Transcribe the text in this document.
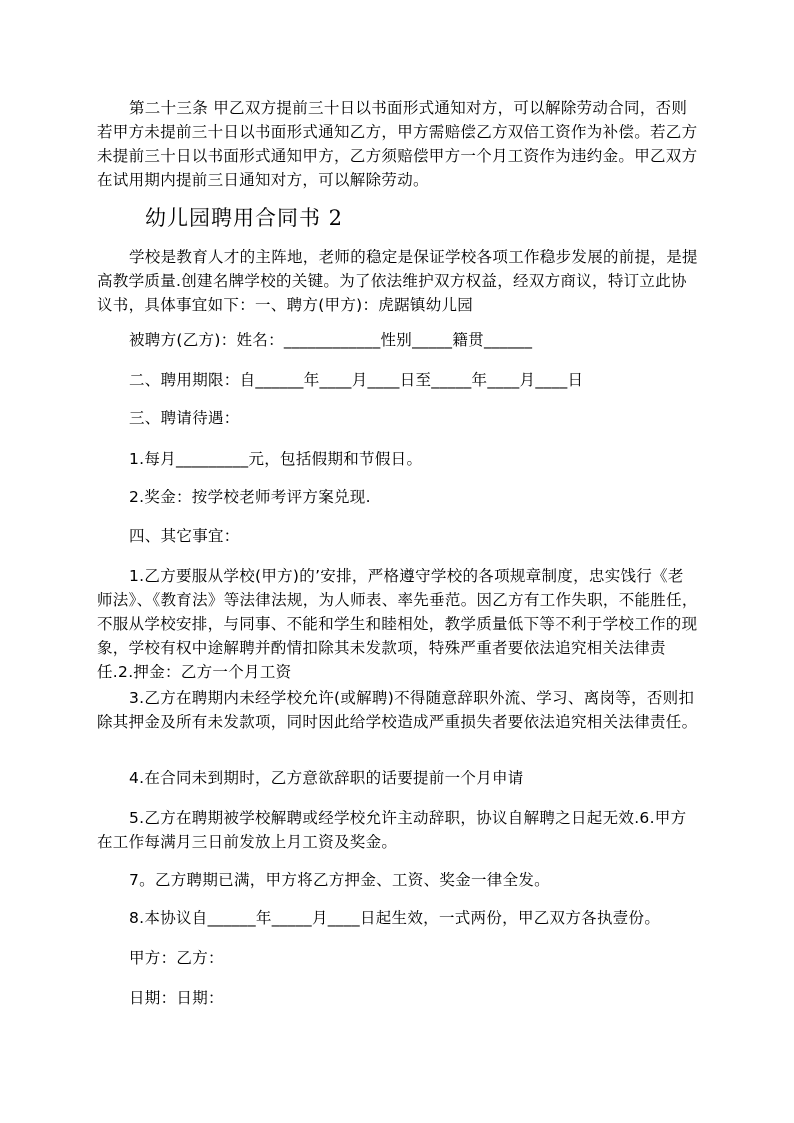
第二十三条 甲乙双方提前三十日以书面形式通知对方，可以解除劳动合同，否则若甲方未提前三十日以书面形式通知乙方，甲方需赔偿乙方双倍工资作为补偿。若乙方未提前三十日以书面形式通知甲方，乙方须赔偿甲方一个月工资作为违约金。甲乙双方在试用期内提前三日通知对方，可以解除劳动。

幼儿园聘用合同书 2

学校是教育人才的主阵地，老师的稳定是保证学校各项工作稳步发展的前提，是提高教学质量.创建名牌学校的关键。为了依法维护双方权益，经双方商议，特订立此协议书，具体事宜如下：一、聘方(甲方)：虎踞镇幼儿园

被聘方(乙方)：姓名：____________性别_____籍贯______

二、聘用期限：自______年____月____日至_____年____月____日

三、聘请待遇：

1.每月_________元，包括假期和节假日。

2.奖金：按学校老师考评方案兑现.

四、其它事宜：

1.乙方要服从学校(甲方)的’安排，严格遵守学校的各项规章制度，忠实饯行《老师法》、《教育法》等法律法规，为人师表、率先垂范。因乙方有工作失职，不能胜任，不服从学校安排，与同事、不能和学生和睦相处，教学质量低下等不利于学校工作的现象，学校有权中途解聘并酌情扣除其未发款项，特殊严重者要依法追究相关法律责任.2.押金：乙方一个月工资

3.乙方在聘期内未经学校允许(或解聘)不得随意辞职外流、学习、离岗等，否则扣除其押金及所有未发款项，同时因此给学校造成严重损失者要依法追究相关法律责任。

4.在合同未到期时，乙方意欲辞职的话要提前一个月申请

5.乙方在聘期被学校解聘或经学校允许主动辞职，协议自解聘之日起无效.6.甲方在工作每满月三日前发放上月工资及奖金。

7。乙方聘期已满，甲方将乙方押金、工资、奖金一律全发。

8.本协议自______年_____月____日起生效，一式两份，甲乙双方各执壹份。

甲方：乙方：

日期：日期：
